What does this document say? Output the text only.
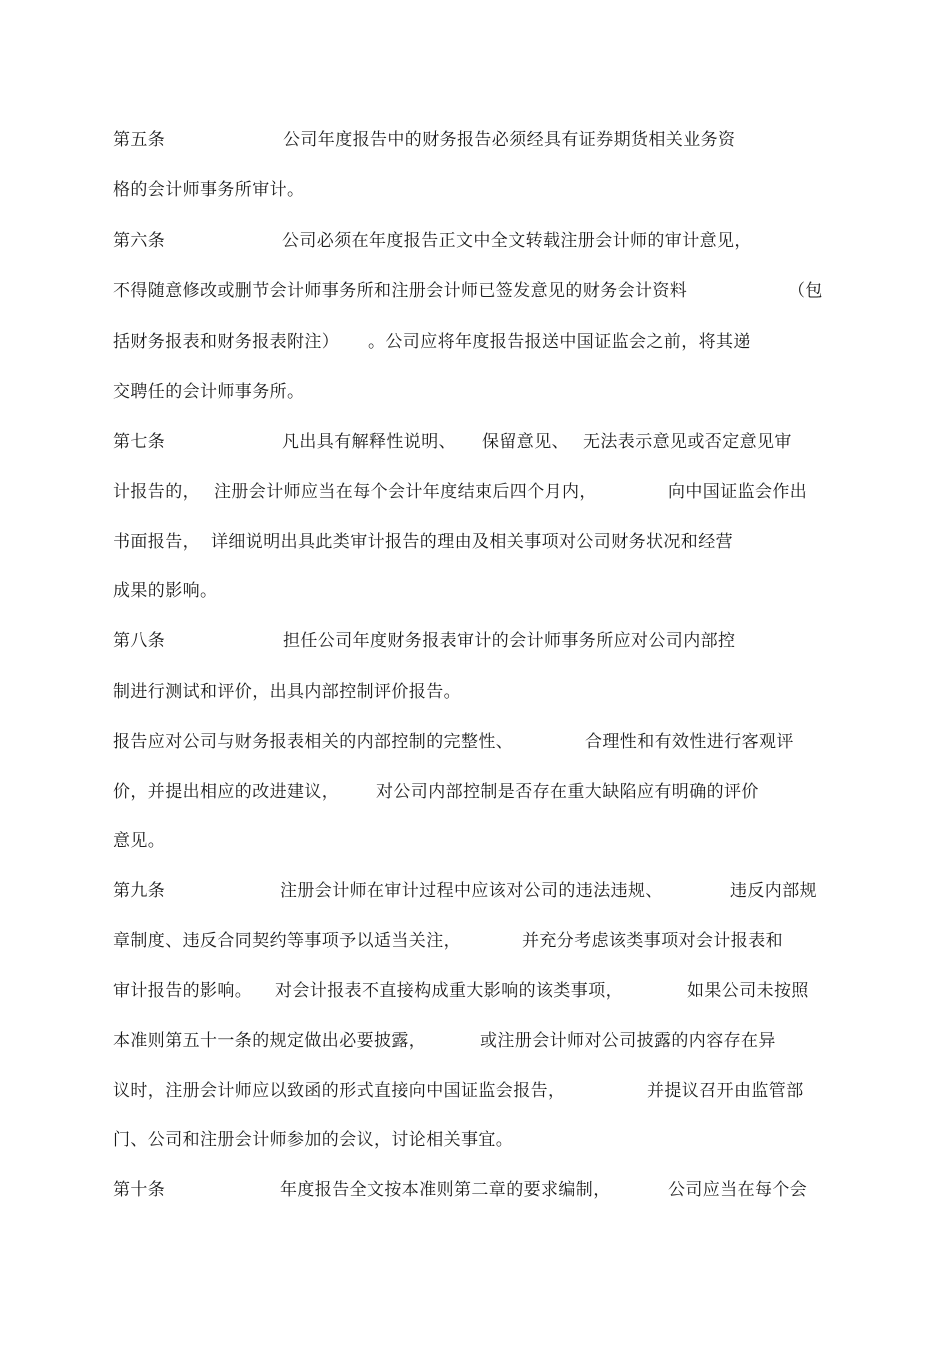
第五条	公司年度报告中的财务报告必须经具有证券期货相关业务资
格的会计师事务所审计。
第六条	公司必须在年度报告正文中全文转载注册会计师的审计意见，
不得随意修改或删节会计师事务所和注册会计师已签发意见的财务会计资料	（包
括财务报表和财务报表附注） 。公司应将年度报告报送中国证监会之前，将其递
交聘任的会计师事务所。
第七条	凡出具有解释性说明、 保留意见、 无法表示意见或否定意见审
计报告的， 注册会计师应当在每个会计年度结束后四个月内，	向中国证监会作出
书面报告， 详细说明出具此类审计报告的理由及相关事项对公司财务状况和经营
成果的影响。
第八条	担任公司年度财务报表审计的会计师事务所应对公司内部控
制进行测试和评价，出具内部控制评价报告。
报告应对公司与财务报表相关的内部控制的完整性、	合理性和有效性进行客观评
价，并提出相应的改进建议， 对公司内部控制是否存在重大缺陷应有明确的评价
意见。
第九条	注册会计师在审计过程中应该对公司的违法违规、	违反内部规
章制度、违反合同契约等事项予以适当关注，	并充分考虑该类事项对会计报表和
审计报告的影响。 对会计报表不直接构成重大影响的该类事项，	如果公司未按照
本准则第五十一条的规定做出必要披露，	或注册会计师对公司披露的内容存在异
议时，注册会计师应以致函的形式直接向中国证监会报告，	并提议召开由监管部
门、公司和注册会计师参加的会议，讨论相关事宜。
第十条	年度报告全文按本准则第二章的要求编制，	公司应当在每个会
